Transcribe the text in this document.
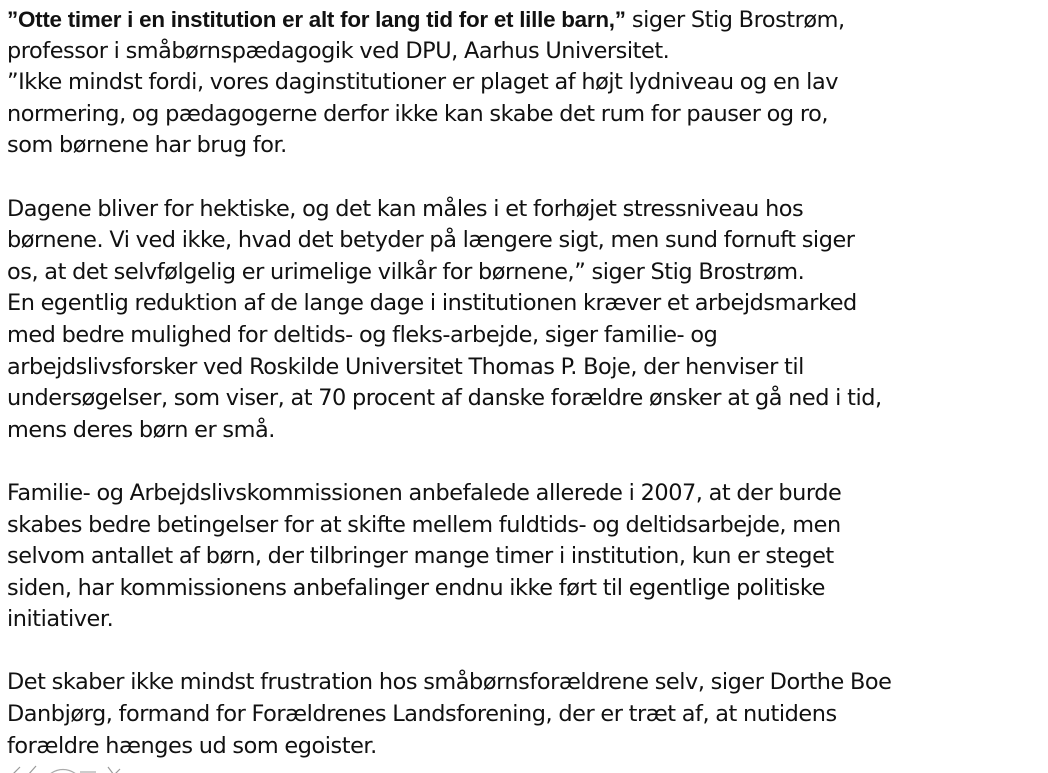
”Otte timer i en institution er alt for lang tid for et lille barn,” siger Stig Brostrøm,
professor i småbørnspædagogik ved DPU, Aarhus Universitet.
”Ikke mindst fordi, vores daginstitutioner er plaget af højt lydniveau og en lav
normering, og pædagogerne derfor ikke kan skabe det rum for pauser og ro,
som børnene har brug for.
Dagene bliver for hektiske, og det kan måles i et forhøjet stressniveau hos
børnene. Vi ved ikke, hvad det betyder på længere sigt, men sund fornuft siger
os, at det selvfølgelig er urimelige vilkår for børnene,” siger Stig Brostrøm.
En egentlig reduktion af de lange dage i institutionen kræver et arbejdsmarked
med bedre mulighed for deltids- og fleks-arbejde, siger familie- og
arbejdslivsforsker ved Roskilde Universitet Thomas P. Boje, der henviser til
undersøgelser, som viser, at 70 procent af danske forældre ønsker at gå ned i tid,
mens deres børn er små.
Familie- og Arbejdslivskommissionen anbefalede allerede i 2007, at der burde
skabes bedre betingelser for at skifte mellem fuldtids- og deltidsarbejde, men
selvom antallet af børn, der tilbringer mange timer i institution, kun er steget
siden, har kommissionens anbefalinger endnu ikke ført til egentlige politiske
initiativer.
Det skaber ikke mindst frustration hos småbørnsforældrene selv, siger Dorthe Boe
Danbjørg, formand for Forældrenes Landsforening, der er træt af, at nutidens
forældre hænges ud som egoister.
